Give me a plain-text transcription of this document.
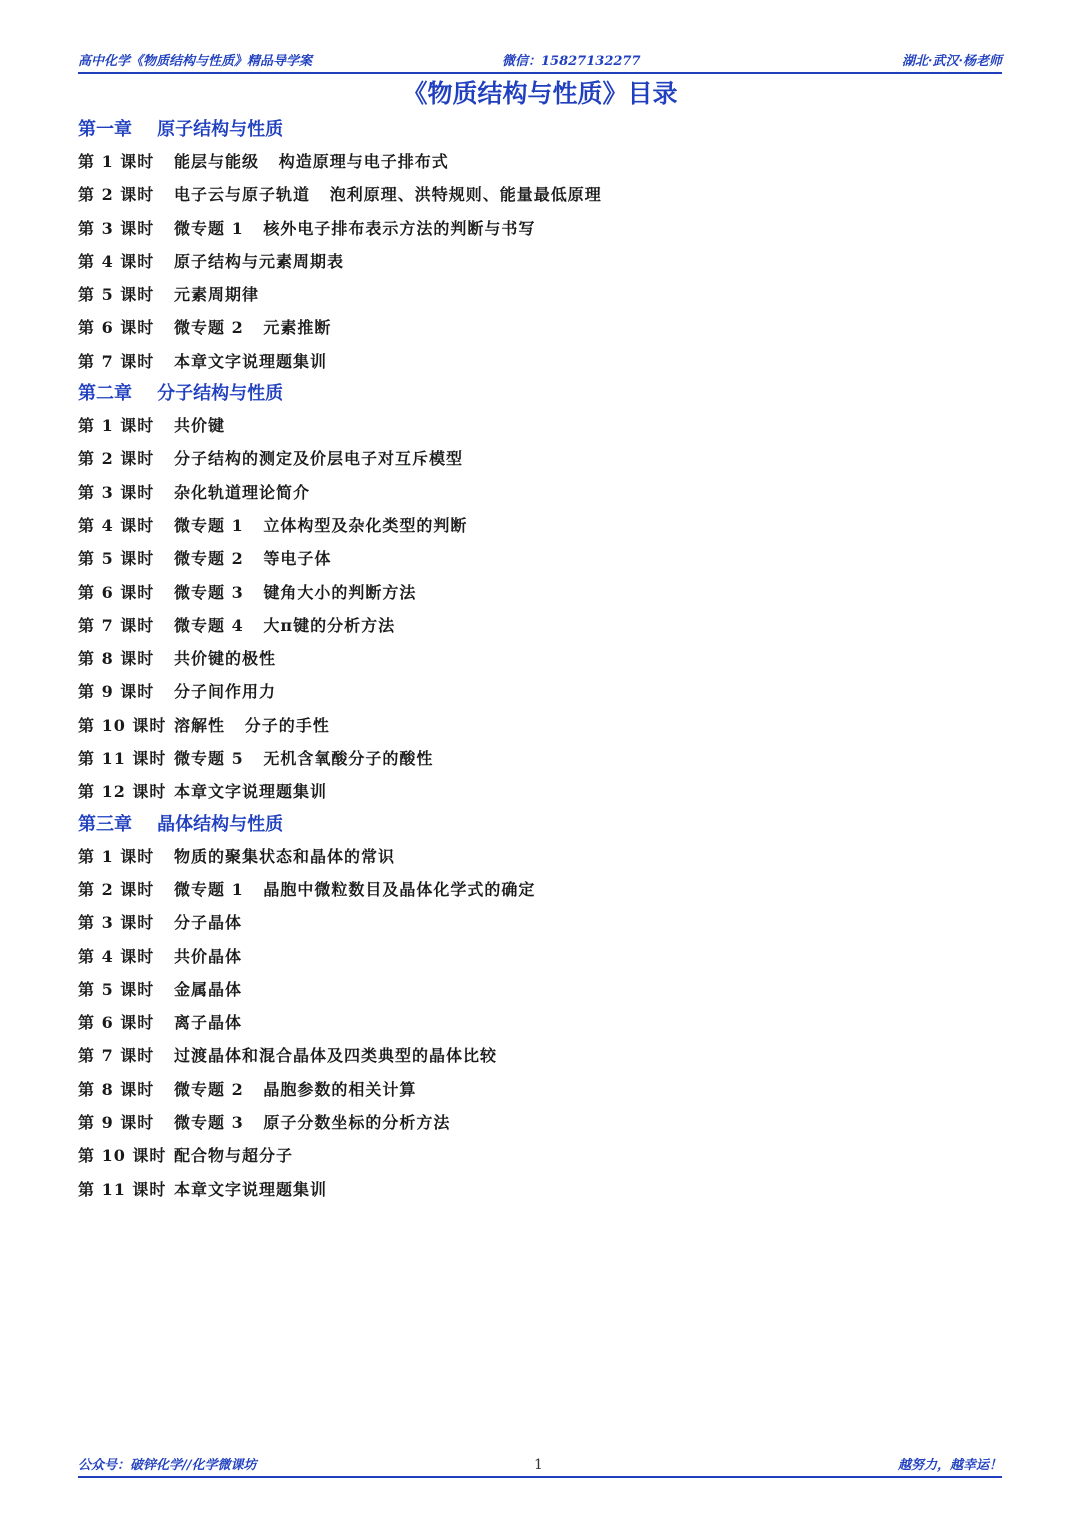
高中化学《物质结构与性质》精品导学案	微信：15827132277	湖北·武汉·杨老师
《物质结构与性质》目录
第一章    原子结构与性质
第 1 课时 能层与能级   构造原理与电子排布式
第 2 课时 电子云与原子轨道   泡利原理、洪特规则、能量最低原理
第 3 课时 微专题 1   核外电子排布表示方法的判断与书写
第 4 课时 原子结构与元素周期表
第 5 课时 元素周期律
第 6 课时 微专题 2   元素推断
第 7 课时 本章文字说理题集训
第二章    分子结构与性质
第 1 课时 共价键
第 2 课时 分子结构的测定及价层电子对互斥模型
第 3 课时 杂化轨道理论简介
第 4 课时 微专题 1   立体构型及杂化类型的判断
第 5 课时 微专题 2   等电子体
第 6 课时 微专题 3   键角大小的判断方法
第 7 课时 微专题 4   大π键的分析方法
第 8 课时 共价键的极性
第 9 课时 分子间作用力
第 10 课时 溶解性   分子的手性
第 11 课时 微专题 5   无机含氧酸分子的酸性
第 12 课时 本章文字说理题集训
第三章    晶体结构与性质
第 1 课时 物质的聚集状态和晶体的常识
第 2 课时 微专题 1   晶胞中微粒数目及晶体化学式的确定
第 3 课时 分子晶体
第 4 课时 共价晶体
第 5 课时 金属晶体
第 6 课时 离子晶体
第 7 课时 过渡晶体和混合晶体及四类典型的晶体比较
第 8 课时 微专题 2   晶胞参数的相关计算
第 9 课时 微专题 3   原子分数坐标的分析方法
第 10 课时 配合物与超分子
第 11 课时 本章文字说理题集训
公众号：破锌化学//化学微课坊	1	越努力，越幸运！
